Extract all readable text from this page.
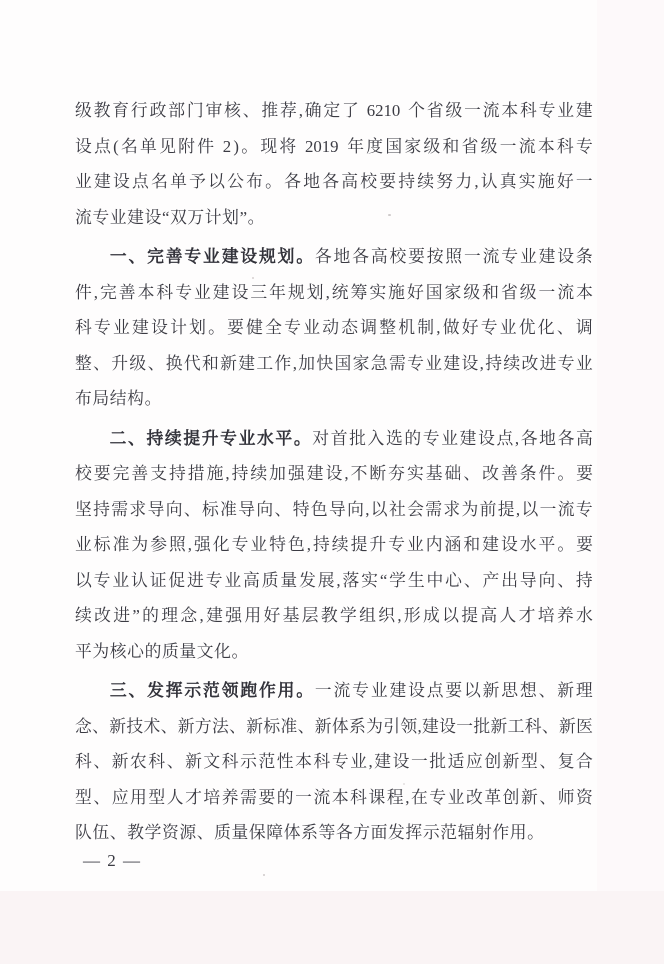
级 教 育 行 政 部 门 审 核 、 推 荐 , 确 定 了
6210
个 省 级 一 流 本 科 专 业 建
设 点 ( 名 单 见 附 件
2 ) 。 现 将
2019
年 度 国 家 级 和 省 级 一 流 本 科 专
业 建 设 点 名 单 予 以 公 布 。 各 地 各 高 校 要 持 续 努 力 , 认 真 实 施 好 一
流 专 业 建 设 “ 双 万 计 划 ” 。
一 、 完 善 专 业 建 设 规 划 。 各 地 各 高 校 要 按 照 一 流 专 业 建 设 条
件 , 完 善 本 科 专 业 建 设 三 年 规 划 , 统 筹 实 施 好 国 家 级 和 省 级 一 流 本
科 专 业 建 设 计 划 。 要 健 全 专 业 动 态 调 整 机 制 , 做 好 专 业 优 化 、 调
整 、 升 级 、 换 代 和 新 建 工 作 , 加 快 国 家 急 需 专 业 建 设 , 持 续 改 进 专 业
布 局 结 构 。
二 、 持 续 提 升 专 业 水 平 。 对 首 批 入 选 的 专 业 建 设 点 , 各 地 各 高
校 要 完 善 支 持 措 施 , 持 续 加 强 建 设 , 不 断 夯 实 基 础 、 改 善 条 件 。 要
坚 持 需 求 导 向 、 标 准 导 向 、 特 色 导 向 , 以 社 会 需 求 为 前 提 , 以 一 流 专
业 标 准 为 参 照 , 强 化 专 业 特 色 , 持 续 提 升 专 业 内 涵 和 建 设 水 平 。 要
以 专 业 认 证 促 进 专 业 高 质 量 发 展 , 落 实 “ 学 生 中 心 、 产 出 导 向 、 持
续 改 进 ” 的 理 念 , 建 强 用 好 基 层 教 学 组 织 , 形 成 以 提 高 人 才 培 养 水
平 为 核 心 的 质 量 文 化 。
三 、 发 挥 示 范 领 跑 作 用 。 一 流 专 业 建 设 点 要 以 新 思 想 、 新 理
念 、 新 技 术 、 新 方 法 、 新 标 准 、 新 体 系 为 引 领 , 建 设 一 批 新 工 科 、 新 医
科 、 新 农 科 、 新 文 科 示 范 性 本 科 专 业 , 建 设 一 批 适 应 创 新 型 、 复 合
型 、 应 用 型 人 才 培 养 需 要 的 一 流 本 科 课 程 , 在 专 业 改 革 创 新 、 师 资
队 伍 、 教 学 资 源 、 质 量 保 障 体 系 等 各 方 面 发 挥 示 范 辐 射 作 用 。
— 2 —
